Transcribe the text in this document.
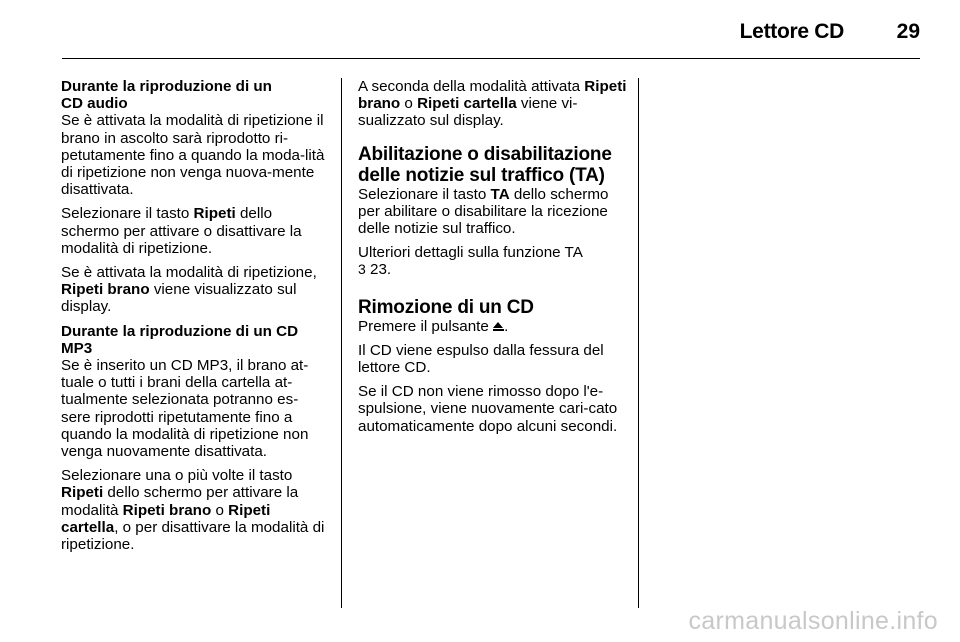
Lettore CD	29
Durante la riproduzione di un
CD audio

Se è attivata la modalità di ripetizione il brano in ascolto sarà riprodotto ri-petutamente fino a quando la moda-lità di ripetizione non venga nuova-mente disattivata.

Selezionare il tasto Ripeti dello schermo per attivare o disattivare la modalità di ripetizione.

Se è attivata la modalità di ripetizione, Ripeti brano viene visualizzato sul display.

Durante la riproduzione di un CD MP3

Se è inserito un CD MP3, il brano at-tuale o tutti i brani della cartella at-tualmente selezionata potranno es-sere riprodotti ripetutamente fino a quando la modalità di ripetizione non venga nuovamente disattivata.

Selezionare una o più volte il tasto Ripeti dello schermo per attivare la modalità Ripeti brano o Ripeti cartella, o per disattivare la modalità di ripetizione.

A seconda della modalità attivata Ripeti brano o Ripeti cartella viene vi-sualizzato sul display.

Abilitazione o disabilitazione delle notizie sul traffico (TA)

Selezionare il tasto TA dello schermo per abilitare o disabilitare la ricezione delle notizie sul traffico.

Ulteriori dettagli sulla funzione TA
3 23.

Rimozione di un CD

Premere il pulsante
.

Il CD viene espulso dalla fessura del lettore CD.

Se il CD non viene rimosso dopo l'e-spulsione, viene nuovamente cari-cato automaticamente dopo alcuni secondi.

carmanualsonline.info
